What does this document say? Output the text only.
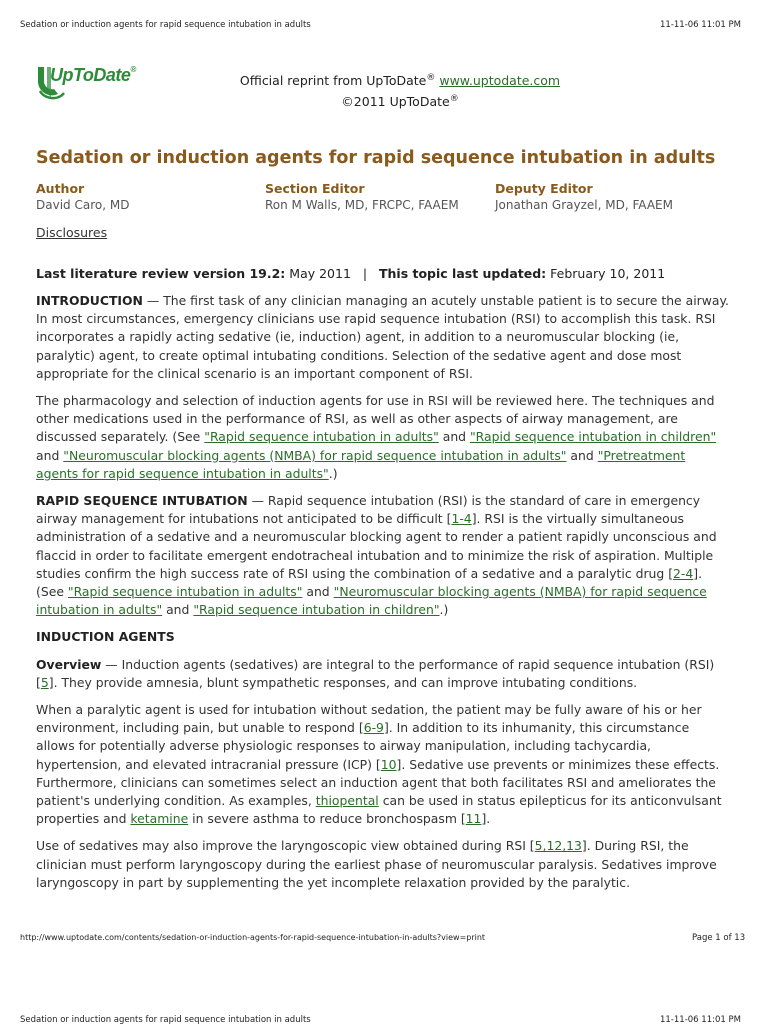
Sedation or induction agents for rapid sequence intubation in adults	11-11-06 11:01 PM
UpToDate®
Official reprint from UpToDate® www.uptodate.com
©2011 UpToDate®
Sedation or induction agents for rapid sequence intubation in adults
Author
David Caro, MD
Section Editor
Ron M Walls, MD, FRCPC, FAAEM
Deputy Editor
Jonathan Grayzel, MD, FAAEM
Disclosures
Last literature review version 19.2: May 2011 | This topic last updated: February 10, 2011

INTRODUCTION — The first task of any clinician managing an acutely unstable patient is to secure the airway. In most circumstances, emergency clinicians use rapid sequence intubation (RSI) to accomplish this task. RSI incorporates a rapidly acting sedative (ie, induction) agent, in addition to a neuromuscular blocking (ie, paralytic) agent, to create optimal intubating conditions. Selection of the sedative agent and dose most appropriate for the clinical scenario is an important component of RSI.

The pharmacology and selection of induction agents for use in RSI will be reviewed here. The techniques and other medications used in the performance of RSI, as well as other aspects of airway management, are discussed separately. (See "Rapid sequence intubation in adults" and "Rapid sequence intubation in children" and "Neuromuscular blocking agents (NMBA) for rapid sequence intubation in adults" and "Pretreatment agents for rapid sequence intubation in adults".)

RAPID SEQUENCE INTUBATION — Rapid sequence intubation (RSI) is the standard of care in emergency airway management for intubations not anticipated to be difficult [1-4]. RSI is the virtually simultaneous administration of a sedative and a neuromuscular blocking agent to render a patient rapidly unconscious and flaccid in order to facilitate emergent endotracheal intubation and to minimize the risk of aspiration. Multiple studies confirm the high success rate of RSI using the combination of a sedative and a paralytic drug [2-4]. (See "Rapid sequence intubation in adults" and "Neuromuscular blocking agents (NMBA) for rapid sequence intubation in adults" and "Rapid sequence intubation in children".)

INDUCTION AGENTS

Overview — Induction agents (sedatives) are integral to the performance of rapid sequence intubation (RSI) [5]. They provide amnesia, blunt sympathetic responses, and can improve intubating conditions.

When a paralytic agent is used for intubation without sedation, the patient may be fully aware of his or her environment, including pain, but unable to respond [6-9]. In addition to its inhumanity, this circumstance allows for potentially adverse physiologic responses to airway manipulation, including tachycardia, hypertension, and elevated intracranial pressure (ICP) [10]. Sedative use prevents or minimizes these effects. Furthermore, clinicians can sometimes select an induction agent that both facilitates RSI and ameliorates the patient's underlying condition. As examples, thiopental can be used in status epilepticus for its anticonvulsant properties and ketamine in severe asthma to reduce bronchospasm [11].

Use of sedatives may also improve the laryngoscopic view obtained during RSI [5,12,13]. During RSI, the clinician must perform laryngoscopy during the earliest phase of neuromuscular paralysis. Sedatives improve laryngoscopy in part by supplementing the yet incomplete relaxation provided by the paralytic.

http://www.uptodate.com/contents/sedation-or-induction-agents-for-rapid-sequence-intubation-in-adults?view=print	Page 1 of 13
Sedation or induction agents for rapid sequence intubation in adults	11-11-06 11:01 PM
